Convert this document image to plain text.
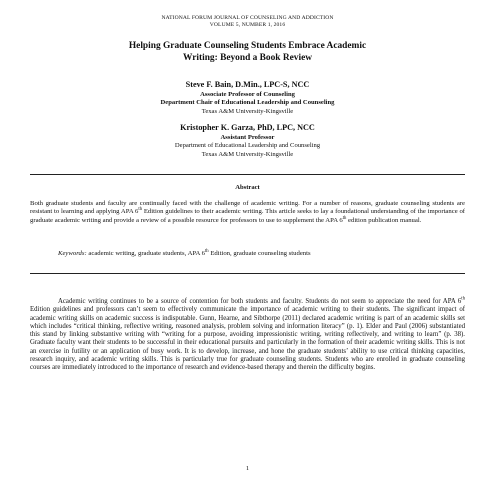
NATIONAL FORUM JOURNAL OF COUNSELING AND ADDICTION
VOLUME 5, NUMBER 1, 2016
Helping Graduate Counseling Students Embrace Academic
Writing: Beyond a Book Review
Steve F. Bain, D.Min., LPC-S, NCC
Associate Professor of Counseling
Department Chair of Educational Leadership and Counseling
Texas A&M University-Kingsville
Kristopher K. Garza, PhD, LPC, NCC
Assistant Professor
Department of Educational Leadership and Counseling
Texas A&M University-Kingsville
Abstract
Both graduate students and faculty are continually faced with the challenge of academic writing. For a number of reasons, graduate counseling students are resistant to learning and applying APA 6th Edition guidelines to their academic writing. This article seeks to lay a foundational understanding of the importance of graduate academic writing and provide a review of a possible resource for professors to use to supplement the APA 6th edition publication manual.
Keywords: academic writing, graduate students, APA 6th Edition, graduate counseling students
Academic writing continues to be a source of contention for both students and faculty. Students do not seem to appreciate the need for APA 6th Edition guidelines and professors can’t seem to effectively communicate the importance of academic writing to their students. The significant impact of academic writing skills on academic success is indisputable. Gunn, Hearne, and Sibthorpe (2011) declared academic writing is part of an academic skills set which includes “critical thinking, reflective writing, reasoned analysis, problem solving and information literacy” (p. 1). Elder and Paul (2006) substantiated this stand by linking substantive writing with “writing for a purpose, avoiding impressionistic writing, writing reflectively, and writing to learn” (p. 38). Graduate faculty want their students to be successful in their educational pursuits and particularly in the formation of their academic writing skills. This is not an exercise in futility or an application of busy work. It is to develop, increase, and hone the graduate students’ ability to use critical thinking capacities, research inquiry, and academic writing skills. This is particularly true for graduate counseling students. Students who are enrolled in graduate counseling courses are immediately introduced to the importance of research and evidence-based therapy and therein the difficulty begins.
1
